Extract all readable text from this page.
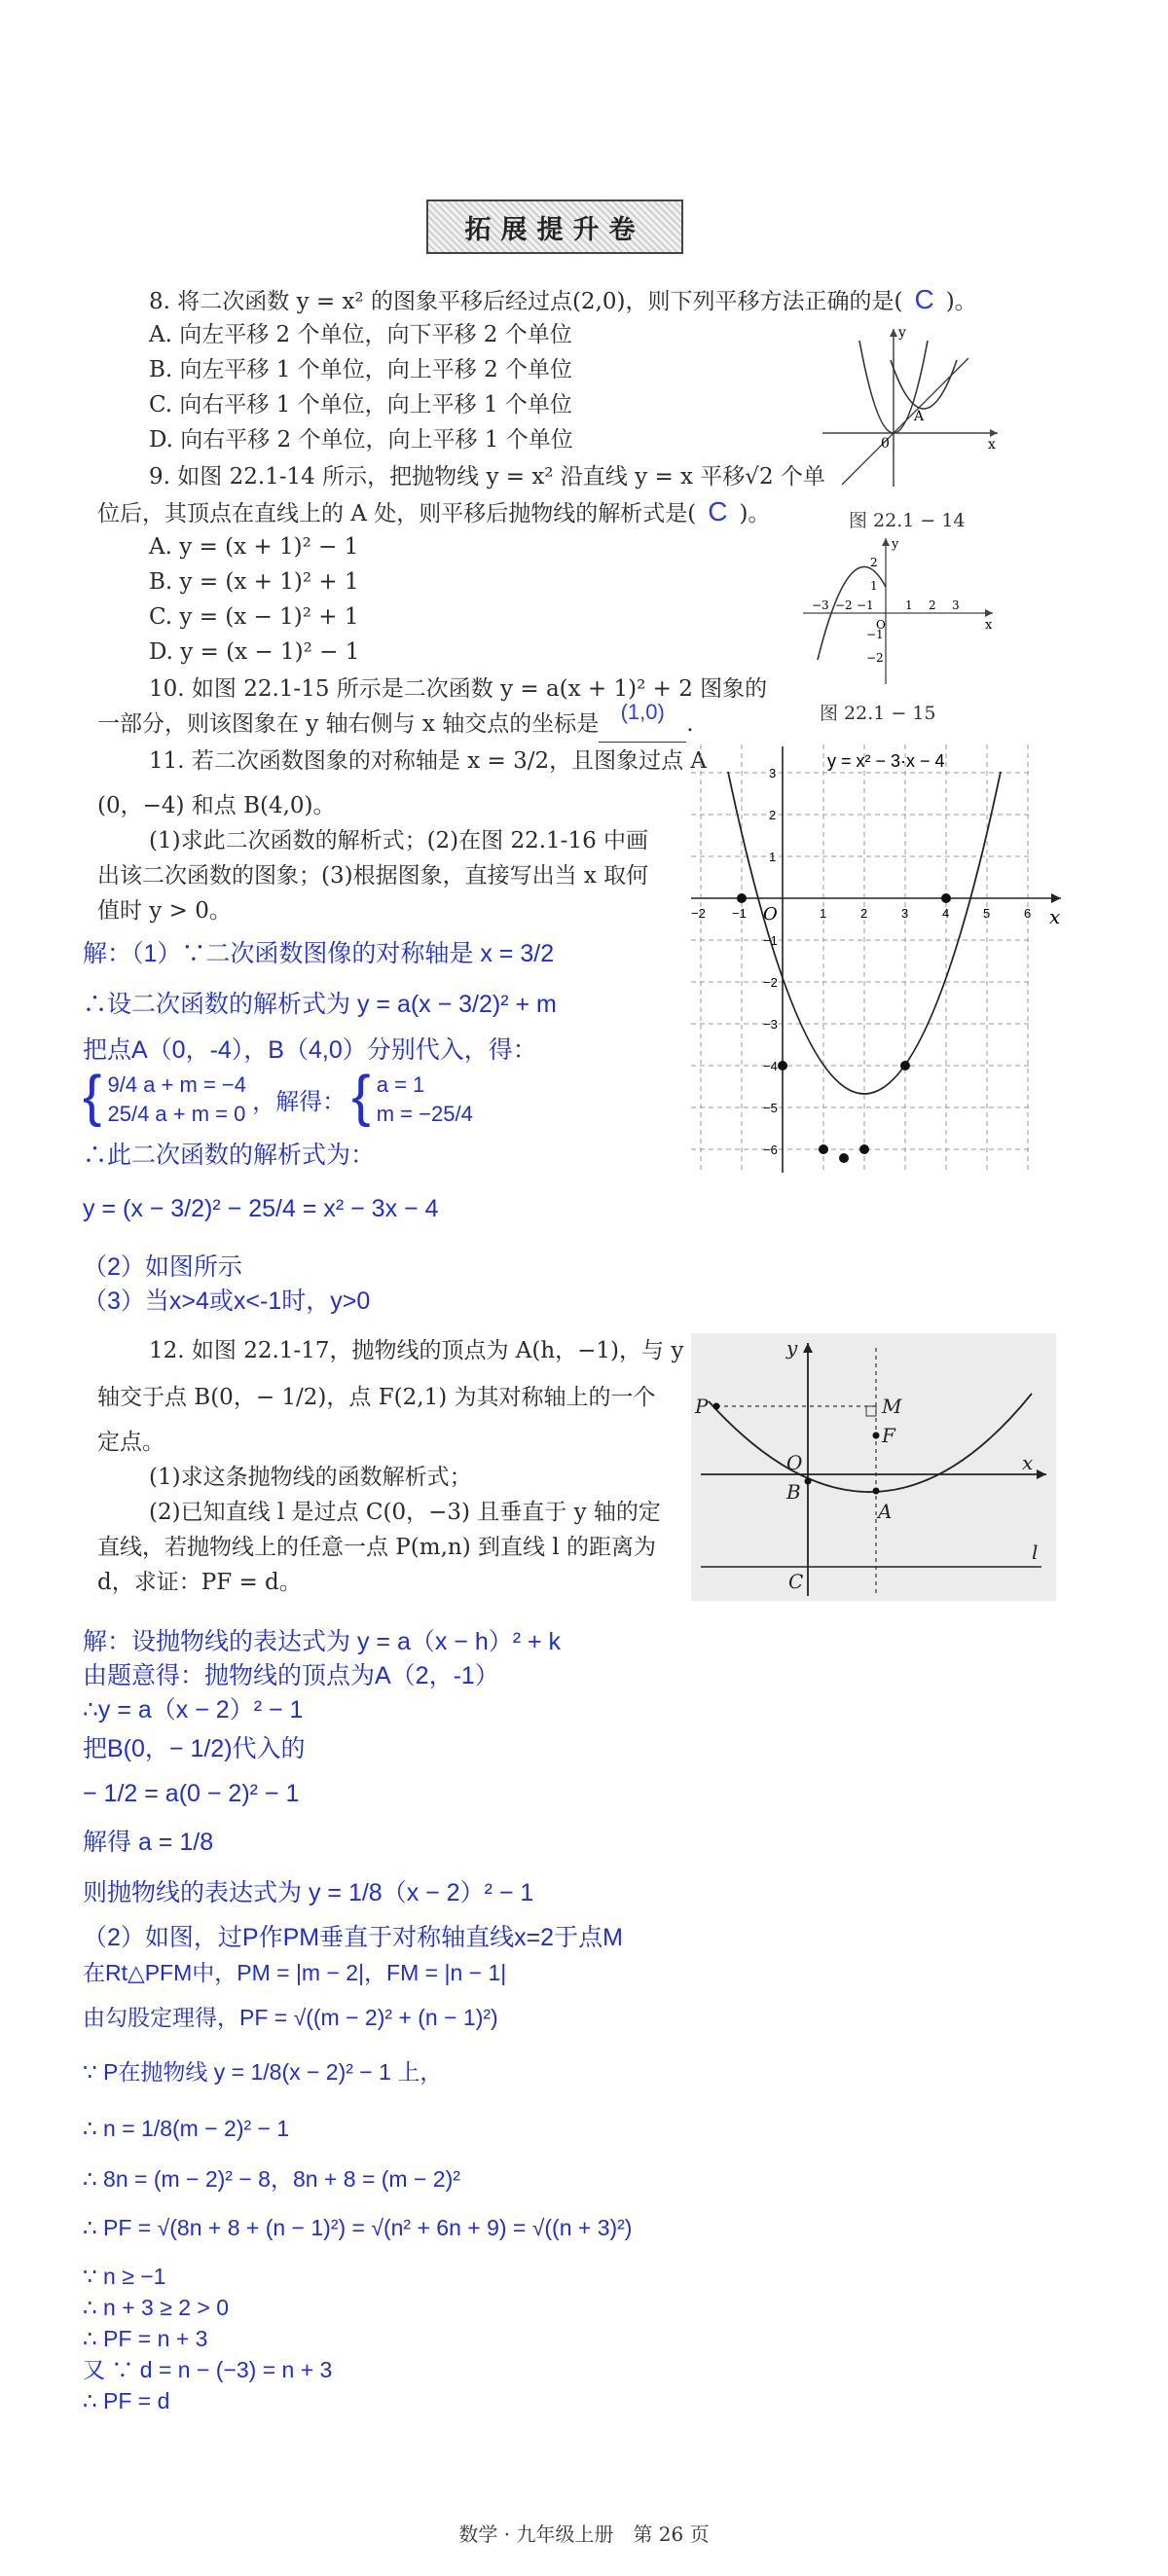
拓展提升卷
8. 将二次函数 y = x² 的图象平移后经过点(2,0)，则下列平移方法正确的是( C )。
A. 向左平移 2 个单位，向下平移 2 个单位
B. 向左平移 1 个单位，向上平移 2 个单位
C. 向右平移 1 个单位，向上平移 1 个单位
D. 向右平移 2 个单位，向上平移 1 个单位
y
x
0
A
图 22.1 − 14
9. 如图 22.1-14 所示，把抛物线 y = x² 沿直线 y = x 平移√2 个单
位后，其顶点在直线上的 A 处，则平移后抛物线的解析式是( C )。
A. y = (x + 1)² − 1
B. y = (x + 1)² + 1
C. y = (x − 1)² + 1
D. y = (x − 1)² − 1
y
x
O
−3 −2 −1	1 2 3
2
1
−1
−2
图 22.1 − 15
10. 如图 22.1-15 所示是二次函数 y = a(x + 1)² + 2 图象的
一部分，则该图象在 y 轴右侧与 x 轴交点的坐标是 (1,0) .
11. 若二次函数图象的对称轴是 x = 3/2，且图象过点 A
(0，−4) 和点 B(4,0)。
(1)求此二次函数的解析式；(2)在图 22.1-16 中画
出该二次函数的图象；(3)根据图象，直接写出当 x 取何
值时 y > 0。
y = x² − 3·x − 4
x
O
−2 −1	1	2	3	4	5	6
3
2
1
−1
−2
−3
−4
−5
−6
解：（1）∵二次函数图像的对称轴是 x = 3/2
∴设二次函数的解析式为 y = a(x − 3/2)² + m
把点A（0，-4），B（4,0）分别代入，得：
{ 9/4 a + m = −4
25/4 a + m = 0 ，解得： { a = 1
m = −25/4
∴此二次函数的解析式为：
y = (x − 3/2)² − 25/4 = x² − 3x − 4
（2）如图所示
（3）当x>4或x<-1时，y>0
12. 如图 22.1-17，抛物线的顶点为 A(h，−1)，与 y
轴交于点 B(0，− 1/2)，点 F(2,1) 为其对称轴上的一个
定点。
(1)求这条抛物线的函数解析式；
(2)已知直线 l 是过点 C(0，−3) 且垂直于 y 轴的定
直线，若抛物线上的任意一点 P(m,n) 到直线 l 的距离为
d，求证：PF = d。
y
M
P
F
O
B
A
C
x
l
解：设抛物线的表达式为 y = a（x − h）² + k
由题意得：抛物线的顶点为A（2，-1）
∴y = a（x − 2）² − 1
把B(0，− 1/2)代入的
− 1/2 = a(0 − 2)² − 1
解得 a = 1/8
则抛物线的表达式为 y = 1/8（x − 2）² − 1
（2）如图，过P作PM垂直于对称轴直线x=2于点M
在Rt△PFM中，PM = |m − 2|，FM = |n − 1|
由勾股定理得，PF = √((m − 2)² + (n − 1)²)
∵ P在抛物线 y = 1/8(x − 2)² − 1 上，
∴ n = 1/8(m − 2)² − 1
∴ 8n = (m − 2)² − 8，8n + 8 = (m − 2)²
∴ PF = √(8n + 8 + (n − 1)²) = √(n² + 6n + 9) = √((n + 3)²)
∵ n ≥ −1
∴ n + 3 ≥ 2 > 0
∴ PF = n + 3
又 ∵ d = n − (−3) = n + 3
∴ PF = d
数学 · 九年级上册　第 26 页
